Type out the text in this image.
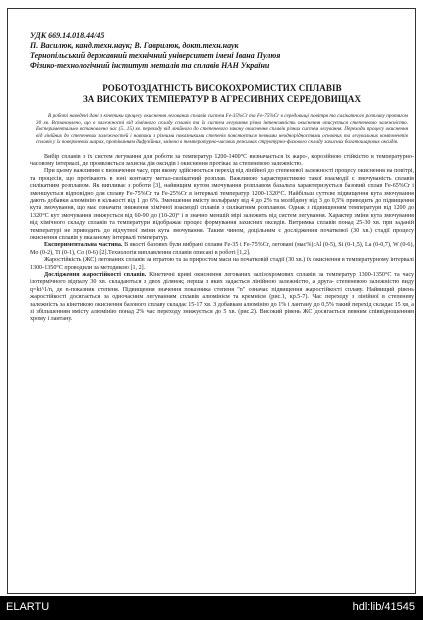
УДК 669.14.018.44/45
П. Василюк, канд.техн.наук; В. Гаврилюк, докт.техн.наук
Тернопільський державний технічний університет імені Івана Пулюя
Фізико-технологічний інститут металів та сплавів НАН України
РОБОТОЗДАТНІСТЬ ВИСОКОХРОМИСТИХ СПЛАВІВ
ЗА ВИСОКИХ ТЕМПЕРАТУР В АГРЕСИВНИХ СЕРЕДОВИЩАХ

В роботі наведені дані з кінетики процесу окиснення легованих сплавів систем Fe-35%Cr та Fe-75%Cr в середовищі повітря та силікатного розплаву протягом 30 хв. Встановлено, що в залежності від хімічного складу сплавів та їх систем легування різна інтенсивність окиснення описується степеневою залежністю. Експериментально встановлено час (5...15) хв. переходу від лінійного до степеневого закону окиснення сплавів різних систем легування. Переходи процесу окиснення від лінійних до степеневих залежностей і навпаки з різними показниками степенів пояснюється певними неоднорідностями основних та легувальних компонентів сплавів у їх поверхневих шарах, протіканням дифузійних, зміною в температурно-часових режимах структурно-фазового складу захисних багатошарових оксидів.

Вибір сплавів з їх систем легування для роботи за температур 1200-1400°С визначається їх жаро-, корозійною стійкістю в температурно-часовому інтервалі, де проявляється захисна дія оксидів і окиснення протікає за степеневою залежністю.

При цьому важливим є визначення часу, при якому здійснюється перехід від лінійної до степеневої залежності процесу окиснення на повітрі, та процесів, що протікають в зоні контакту метал-силікатний розплав. Важливою характеристикою такої взаємодії є змочуваність сплавів силікатним розплавом. Як випливає з роботи [3], найвищим кутом змочування розплавом базальта характеризується базовий сплав Fe-65%Cr і зменшується відповідно для сплаву Fe-75%Cr та Fe-25%Cr в інтервалі температур 1200-1320°С. Найбільш суттєве підвищення кута змочування дають добавки алюмінію в кількості від 1 до 6%. Зменшення вмісту вольфраму від 4 до 2% та молібдену від 3 до 0,5% приводить до підвищення кута змочування, що має означати зниження хімічної взаємодії сплавів з силікатним розплавом. Однак з підвищенням температури від 1200 до 1320°С кут змочування знижується від 60-90 до (10-20)° і в значно меншій мірі залежить від систем легування. Характер зміни кута змочування від хімічного складу сплавів та температури відображає процес формування захисних оксидів. Витримка сплавів понад 25-30 хв. при заданій температурі не приводить до відчутної зміни кута змочування. Таким чином, доцільним є дослідження початкової (30 хв.) стадії процесу окиснення сплавів у вказаному інтервалі температур.

Експериментальна частина. В якості базових були вибрані сплави Fe-35 і Fe-75%Cr, леговані (мас%):Al (0-5), Si (0-1,5), La (0-0,7), W (0-6), Mo (0-2), Ti (0-1), Co (0-6) [2].Технологія виплавлення сплавів описані в роботі [1,2].

Жаростійкість (ЖС) легованих сплавів за втратою та за приростом маси на початковій стадії (30 хв.) їх окиснення в температурному інтервалі 1300-1350°С проводили за методикою [1, 2].

Дослідження жаростійкості сплавів. Кінетичні криві окиснення легованих залізохромових сплавів за температур 1300-1350°С та часу ізотермічного відпалу 30 хв. складаються з двох ділянок; перша з яких задається лінійною залежністю, а друга- степеневою залежністю виду q=kt^1/n, де n-показник степеня. Підвищення значення показника степеня "n" означає підвищення жаростійкості сплаву. Найвищий рівень жаростійкості досягається за одночасним легуванням сплавів алюмінієм та кремнієм (рис.1, кр.5-7). Час переходу з лінійної в степеневу залежність за кінетикою окиснення базового сплаву складає 15-17 хв. З добавкам алюмінію до 1% і лантану до 0,5% такий перехід складає 15 хв, а зі збільшенням вмісту алюмінію понад 2% час переходу знижується до 5 хв. (рис.2). Високий рівень ЖС досягається певним співвідношенням хрому і лантану.

ELARTU	hdl:lib/41545
